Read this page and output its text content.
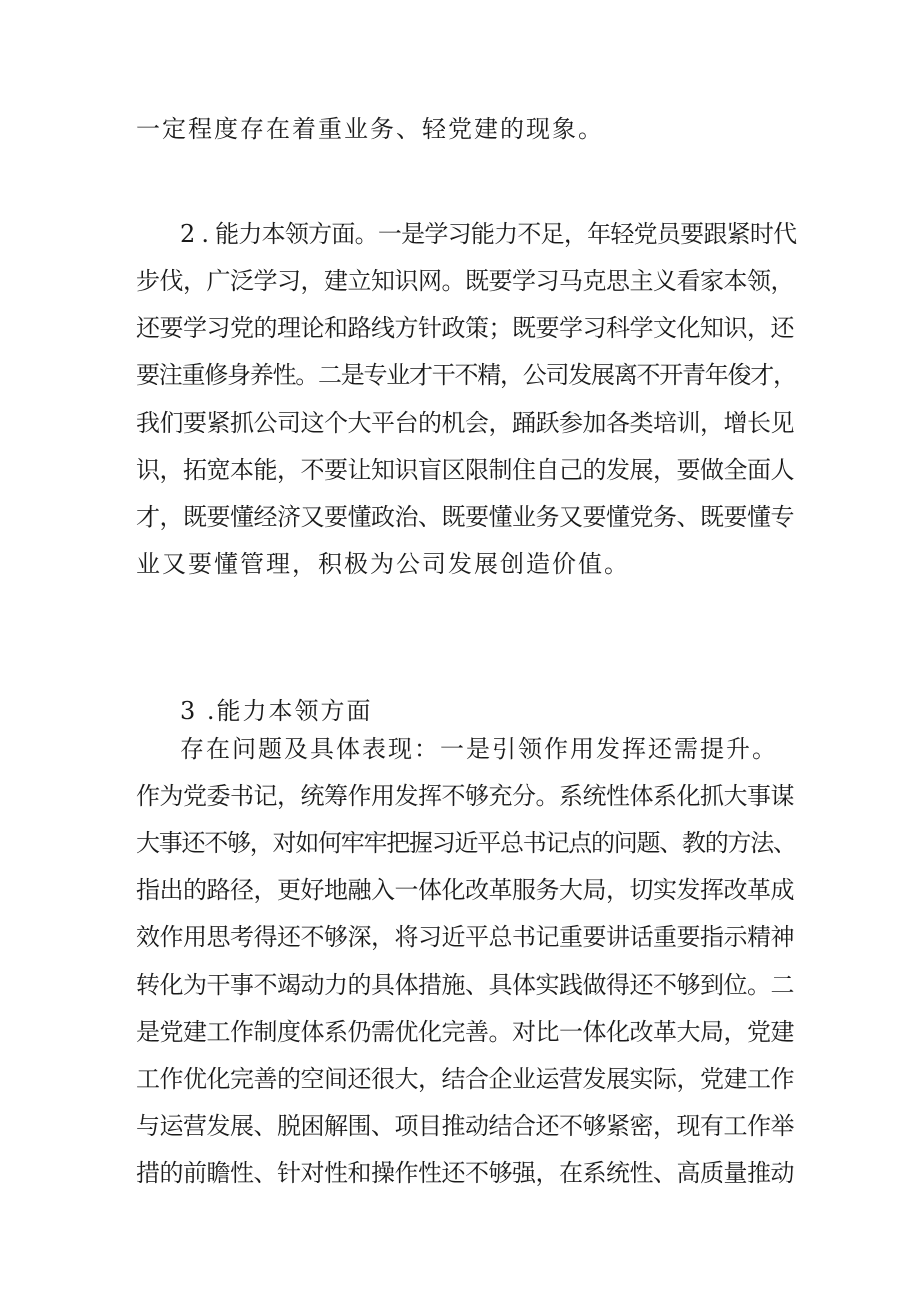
一定程度存在着重业务、轻党建的现象。
2 . 能力本领方面。一是学习能力不足，年轻党员要跟紧时代
步伐，广泛学习，建立知识网。既要学习马克思主义看家本领，
还要学习党的理论和路线方针政策；既要学习科学文化知识，还
要注重修身养性。二是专业才干不精，公司发展离不开青年俊才，
我们要紧抓公司这个大平台的机会，踊跃参加各类培训，增长见
识，拓宽本能，不要让知识盲区限制住自己的发展，要做全面人
才，既要懂经济又要懂政治、既要懂业务又要懂党务、既要懂专
业又要懂管理，积极为公司发展创造价值。
3 .能力本领方面
存在问题及具体表现：一是引领作用发挥还需提升。
作为党委书记，统筹作用发挥不够充分。系统性体系化抓大事谋
大事还不够，对如何牢牢把握习近平总书记点的问题、教的方法、
指出的路径，更好地融入一体化改革服务大局，切实发挥改革成
效作用思考得还不够深，将习近平总书记重要讲话重要指示精神
转化为干事不竭动力的具体措施、具体实践做得还不够到位。二
是党建工作制度体系仍需优化完善。对比一体化改革大局，党建
工作优化完善的空间还很大，结合企业运营发展实际，党建工作
与运营发展、脱困解围、项目推动结合还不够紧密，现有工作举
措的前瞻性、针对性和操作性还不够强，在系统性、高质量推动
